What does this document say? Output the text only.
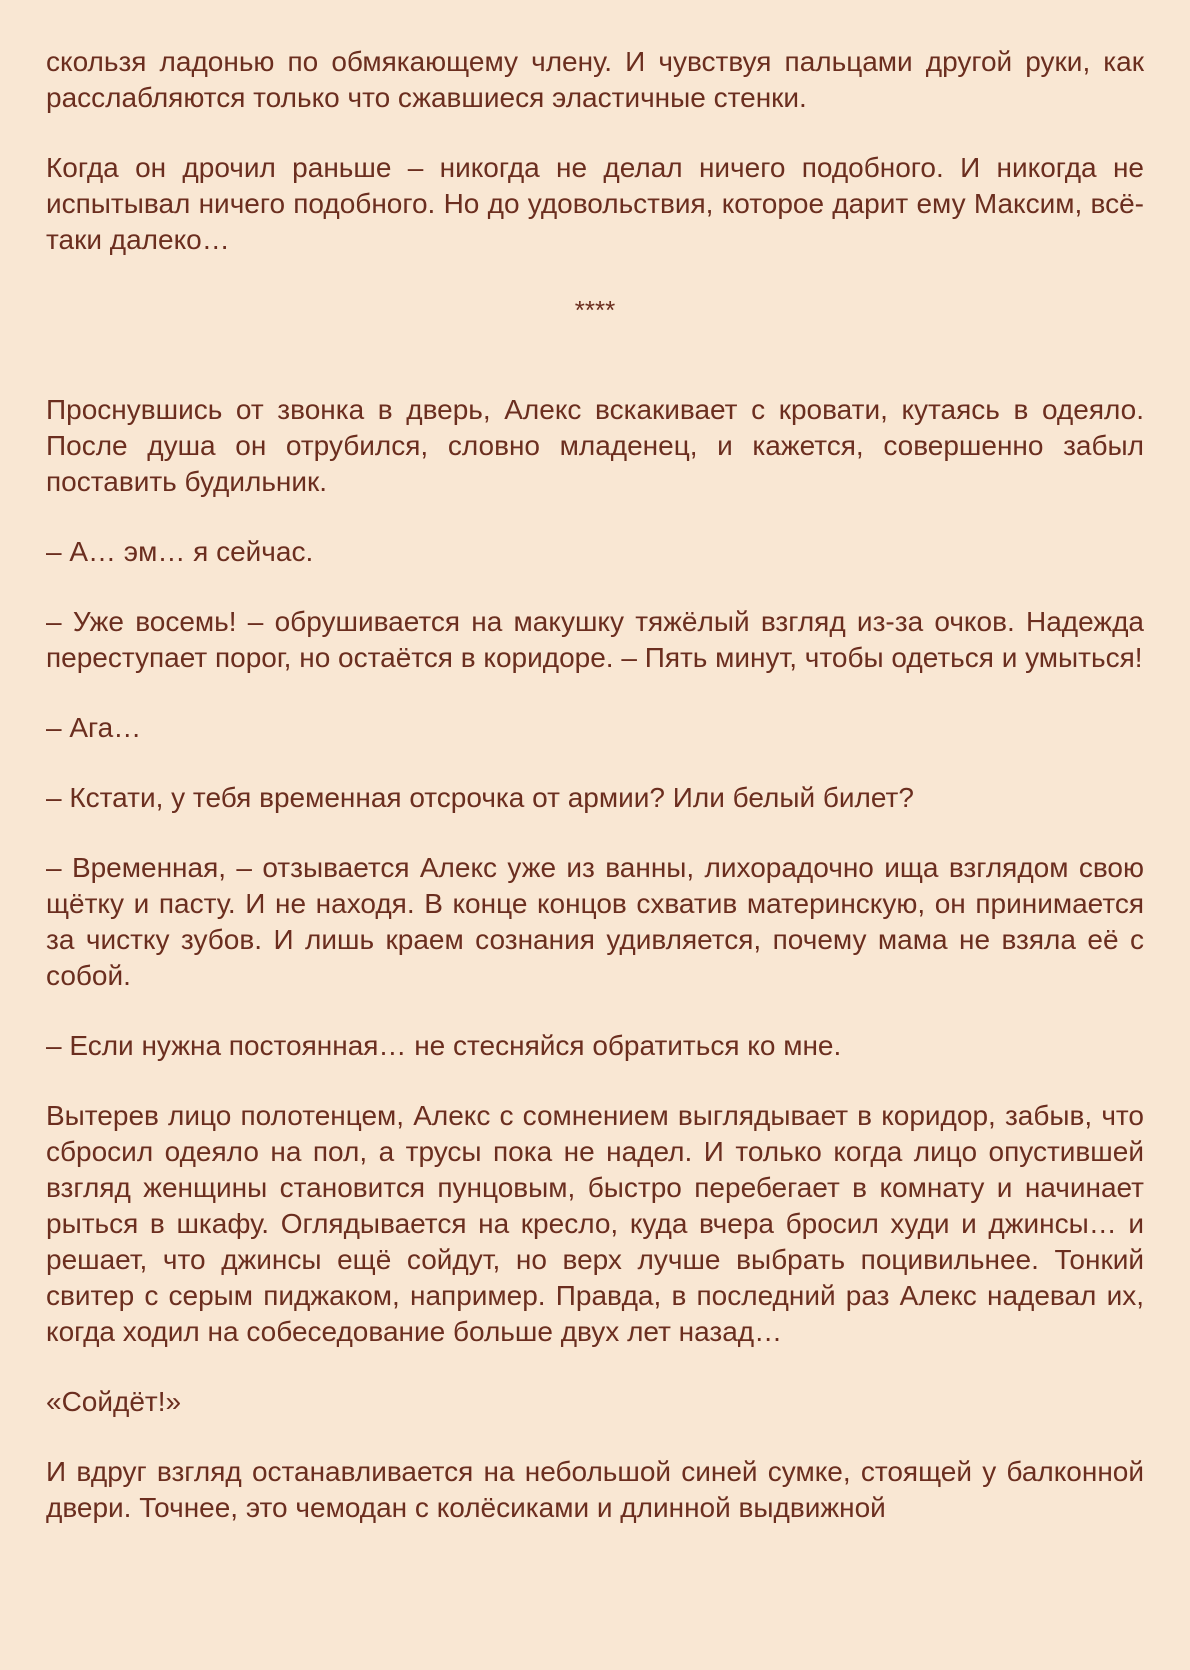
скользя ладонью по обмякающему члену. И чувствуя пальцами другой руки, как расслабляются только что сжавшиеся эластичные стенки.

Когда он дрочил раньше – никогда не делал ничего подобного. И никогда не испытывал ничего подобного. Но до удовольствия, которое дарит ему Максим, всё-таки далеко…

****

Проснувшись от звонка в дверь, Алекс вскакивает с кровати, кутаясь в одеяло. После душа он отрубился, словно младенец, и кажется, совершенно забыл поставить будильник.

– А… эм… я сейчас.

– Уже восемь! – обрушивается на макушку тяжёлый взгляд из-за очков. Надежда переступает порог, но остаётся в коридоре. – Пять минут, чтобы одеться и умыться!

– Ага…

– Кстати, у тебя временная отсрочка от армии? Или белый билет?

– Временная, – отзывается Алекс уже из ванны, лихорадочно ища взглядом свою щётку и пасту. И не находя. В конце концов схватив материнскую, он принимается за чистку зубов. И лишь краем сознания удивляется, почему мама не взяла её с собой.

– Если нужна постоянная… не стесняйся обратиться ко мне.

Вытерев лицо полотенцем, Алекс с сомнением выглядывает в коридор, забыв, что сбросил одеяло на пол, а трусы пока не надел. И только когда лицо опустившей взгляд женщины становится пунцовым, быстро перебегает в комнату и начинает рыться в шкафу. Оглядывается на кресло, куда вчера бросил худи и джинсы… и решает, что джинсы ещё сойдут, но верх лучше выбрать поцивильнее. Тонкий свитер с серым пиджаком, например. Правда, в последний раз Алекс надевал их, когда ходил на собеседование больше двух лет назад…

«Сойдёт!»

И вдруг взгляд останавливается на небольшой синей сумке, стоящей у балконной двери. Точнее, это чемодан с колёсиками и длинной выдвижной
